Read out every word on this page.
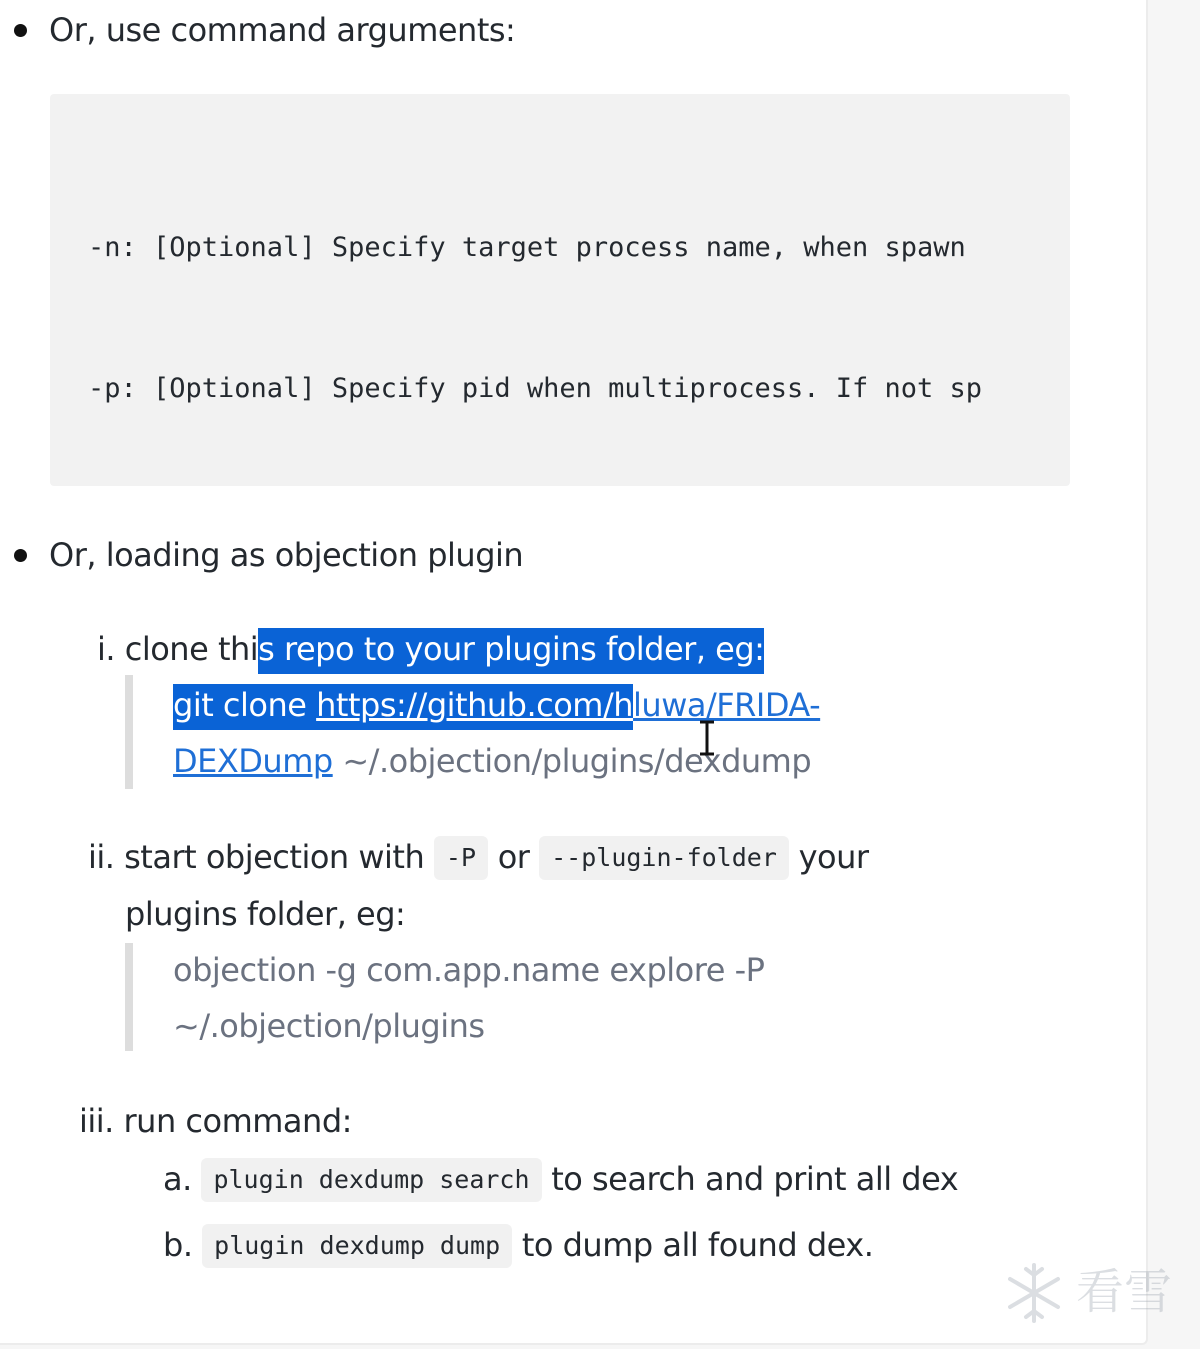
Or, use command arguments:

-n: [Optional] Specify target process name, when spawn

-p: [Optional] Specify pid when multiprocess. If not sp

Or, loading as objection plugin
i. clone this repo to your plugins folder, eg:
git clone https://github.com/hluwa/FRIDA-
DEXDump ~/.objection/plugins/dexdump
ii. start objection with -P or --plugin-folder your
plugins folder, eg:
objection -g com.app.name explore -P
~/.objection/plugins
iii. run command:
a. plugin dexdump search to search and print all dex
b. plugin dexdump dump to dump all found dex.
看雪
